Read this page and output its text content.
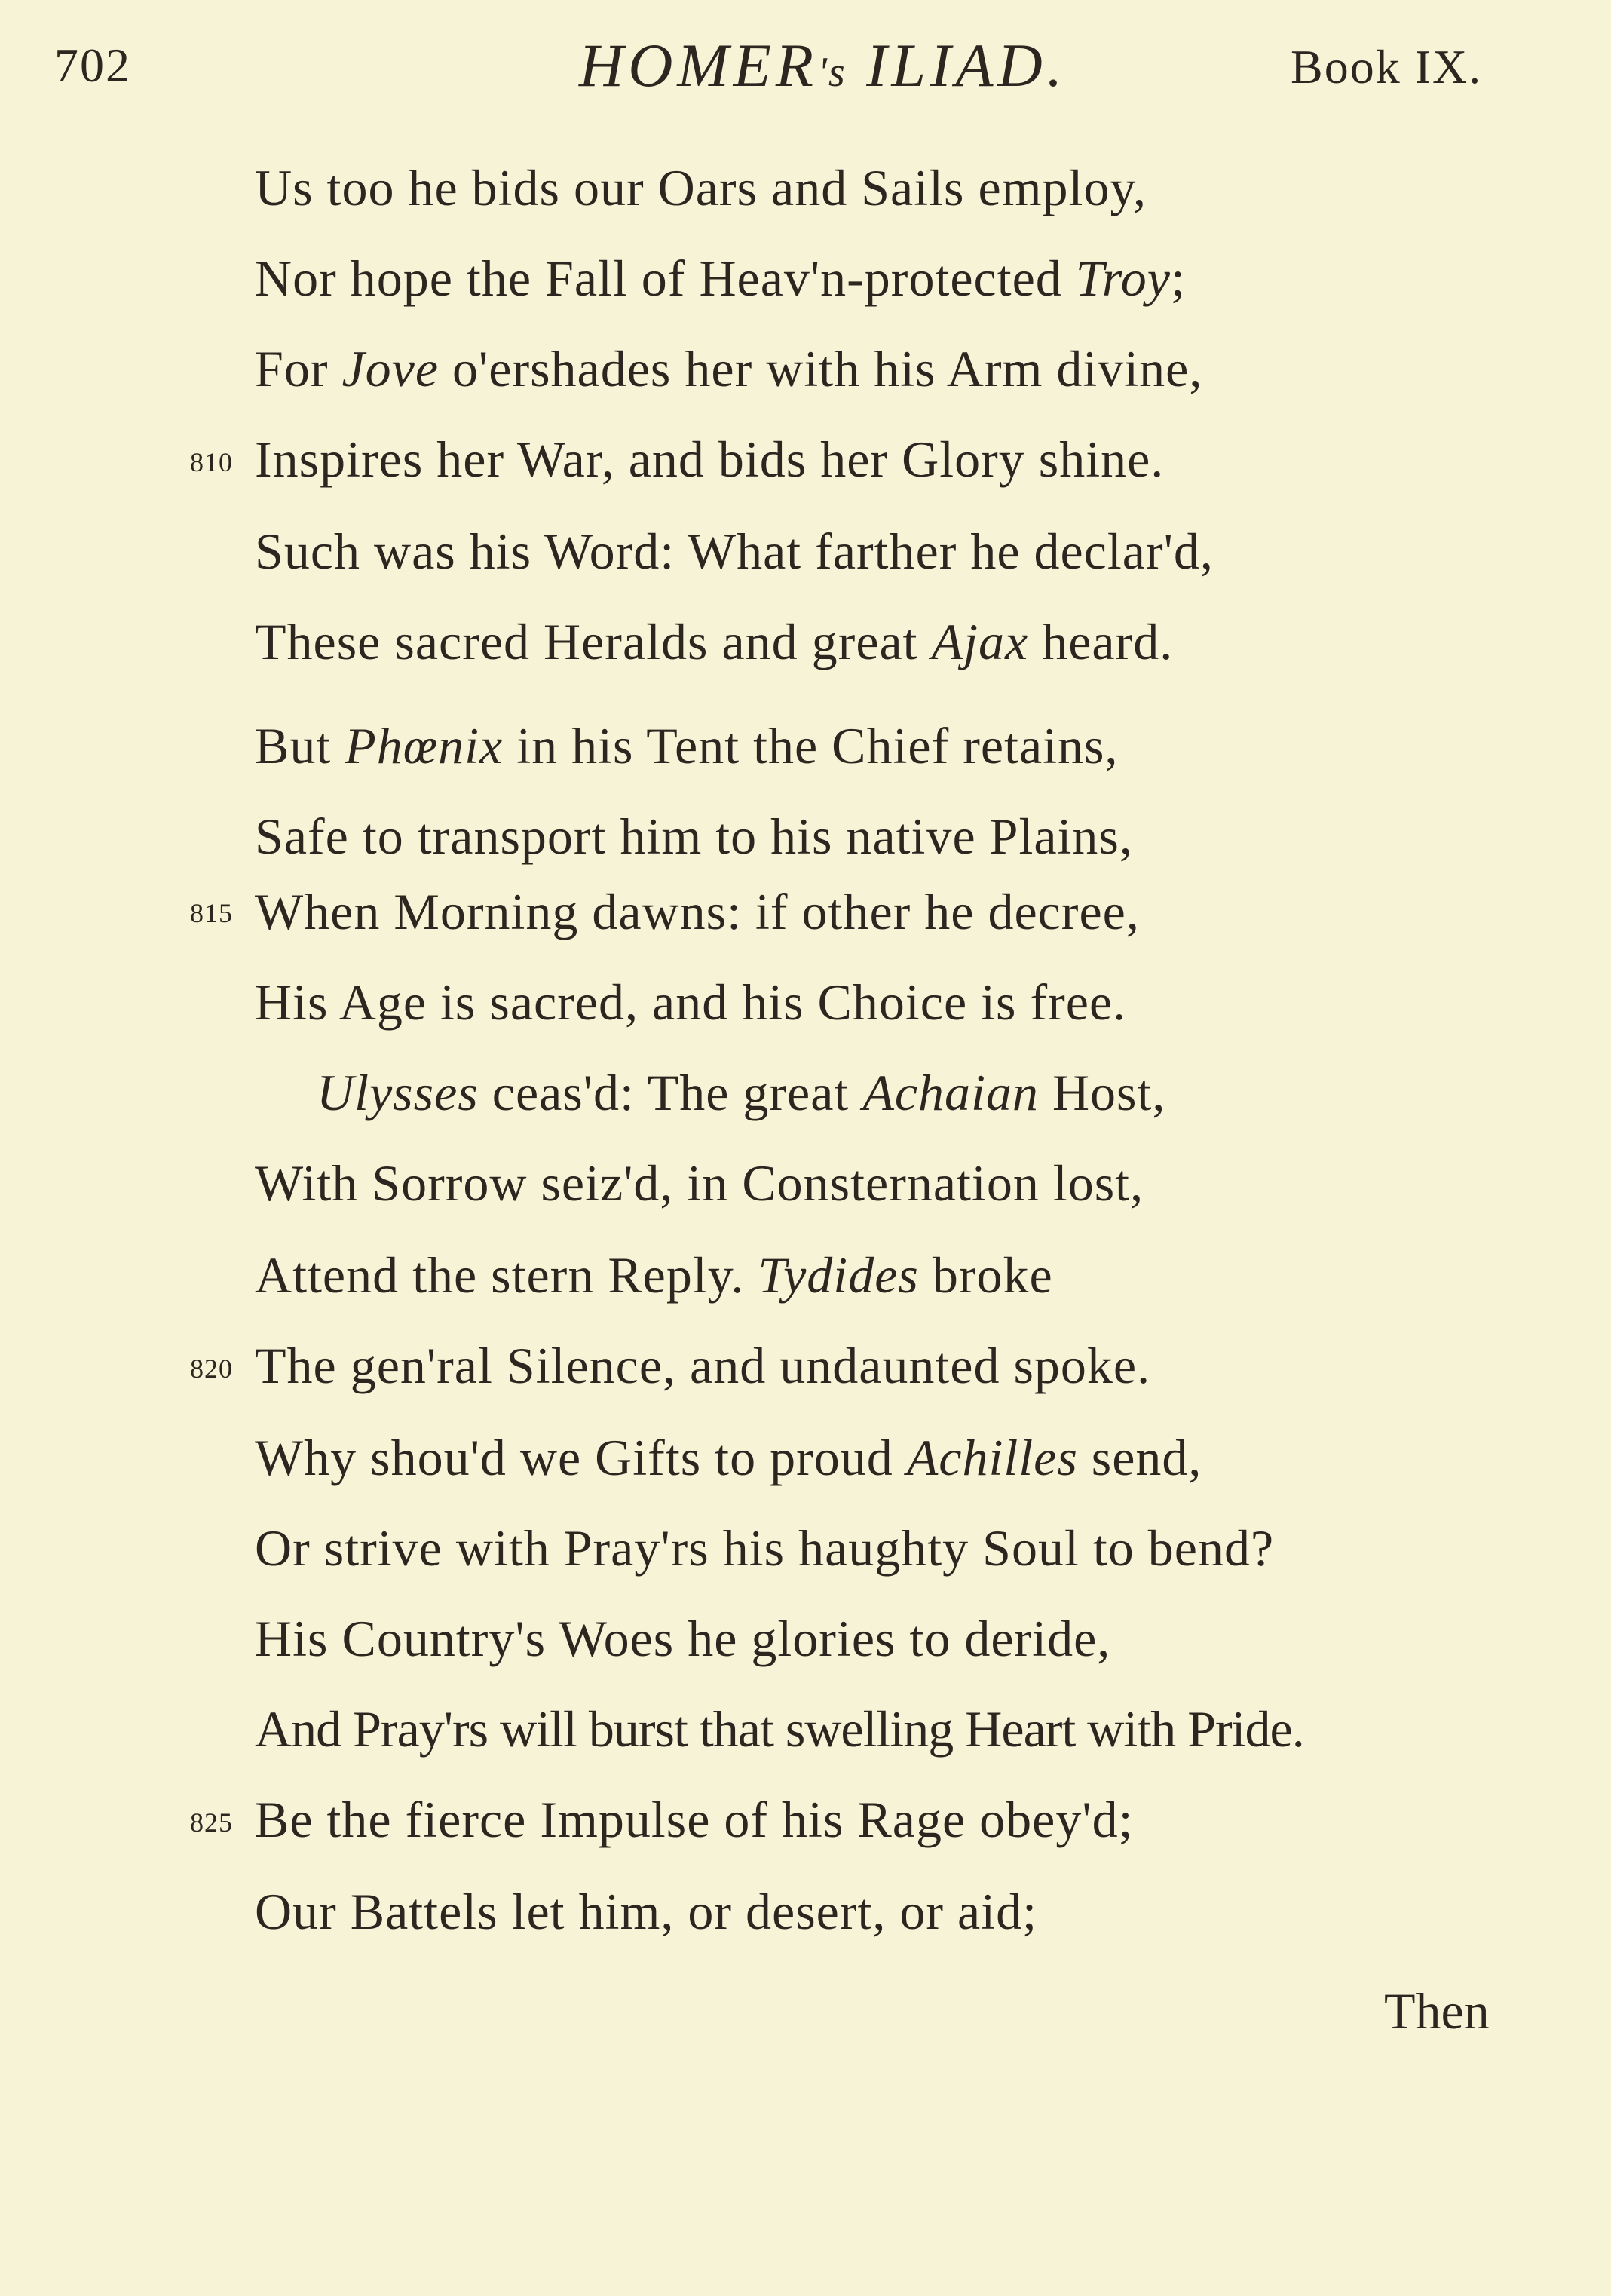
702	HOMER's ILIAD.	Book IX.
Us too he bids our Oars and Sails employ,
Nor hope the Fall of Heav'n-protected Troy;
For Jove o'ershades her with his Arm divine,
810 Inspires her War, and bids her Glory shine.
Such was his Word: What farther he declar'd,
These sacred Heralds and great Ajax heard.
But Phœnix in his Tent the Chief retains,
Safe to transport him to his native Plains,
815 When Morning dawns: if other he decree,
His Age is sacred, and his Choice is free.
Ulysses ceas'd: The great Achaian Host,
With Sorrow seiz'd, in Consternation lost,
Attend the stern Reply. Tydides broke
820 The gen'ral Silence, and undaunted spoke.
Why shou'd we Gifts to proud Achilles send,
Or strive with Pray'rs his haughty Soul to bend?
His Country's Woes he glories to deride,
And Pray'rs will burst that swelling Heart with Pride.
825 Be the fierce Impulse of his Rage obey'd;
Our Battels let him, or desert, or aid;
Then
